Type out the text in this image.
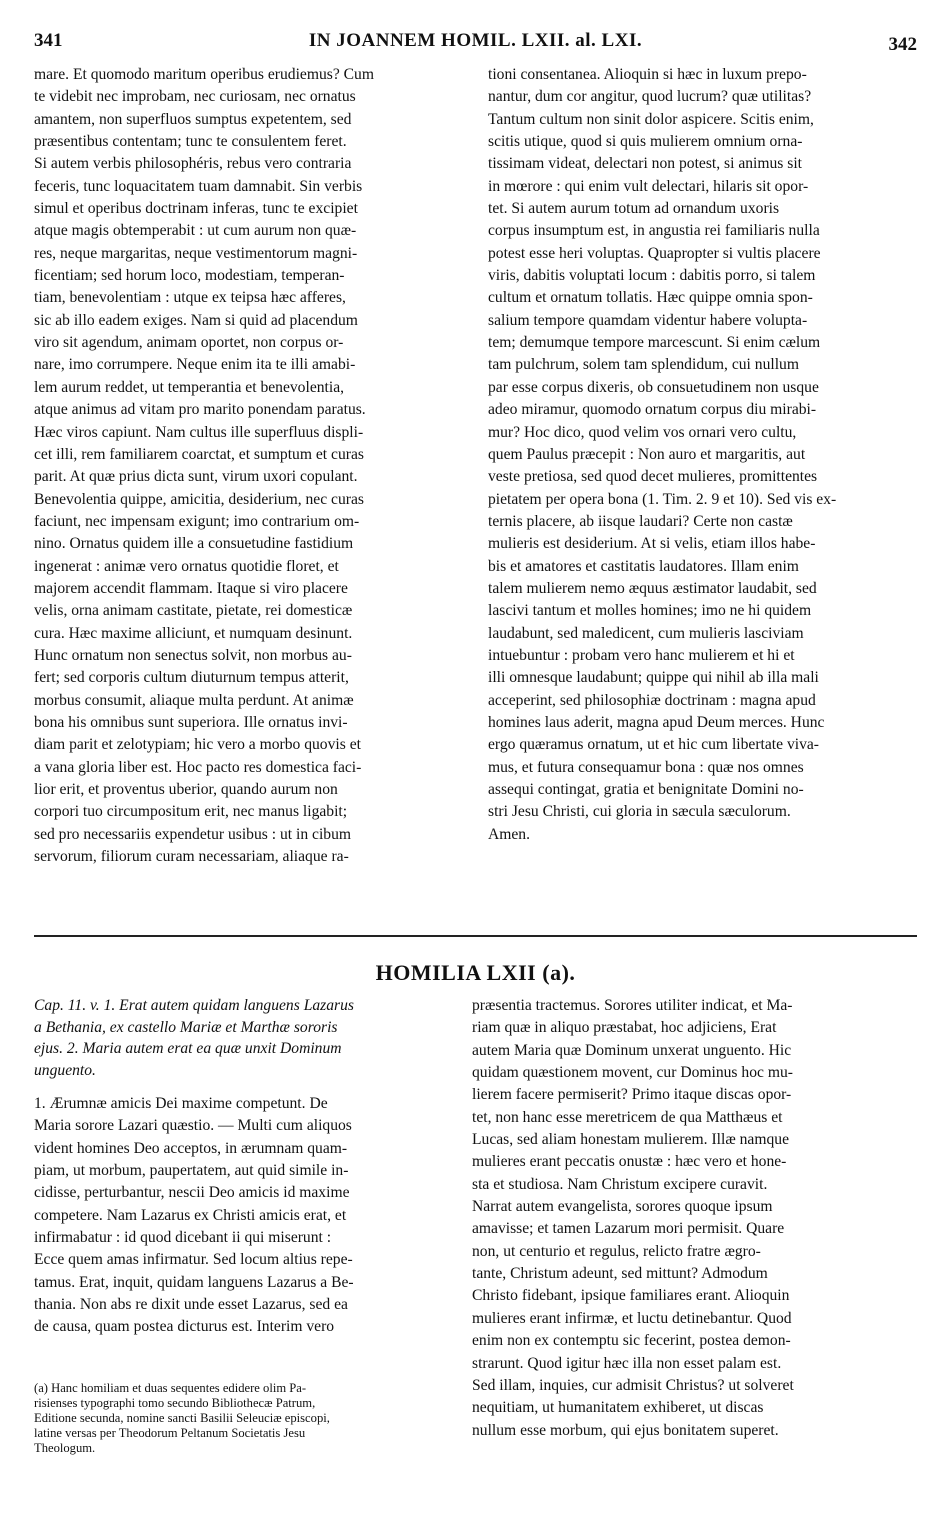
341	IN JOANNEM HOMIL. LXII. al. LXI.	342
mare. Et quomodo maritum operibus erudiemus? Cum
te videbit nec improbam, nec curiosam, nec ornatus
amantem, non superfluos sumptus expetentem, sed
præsentibus contentam; tunc te consulentem feret.
Si autem verbis philosophéris, rebus vero contraria
feceris, tunc loquacitatem tuam damnabit. Sin verbis
simul et operibus doctrinam inferas, tunc te excipiet
atque magis obtemperabit : ut cum aurum non quæ-
res, neque margaritas, neque vestimentorum magni-
ficentiam; sed horum loco, modestiam, temperan-
tiam, benevolentiam : utque ex teipsa hæc afferes,
sic ab illo eadem exiges. Nam si quid ad placendum
viro sit agendum, animam oportet, non corpus or-
nare, imo corrumpere. Neque enim ita te illi amabi-
lem aurum reddet, ut temperantia et benevolentia,
atque animus ad vitam pro marito ponendam paratus.
Hæc viros capiunt. Nam cultus ille superfluus displi-
cet illi, rem familiarem coarctat, et sumptum et curas
parit. At quæ prius dicta sunt, virum uxori copulant.
Benevolentia quippe, amicitia, desiderium, nec curas
faciunt, nec impensam exigunt; imo contrarium om-
nino. Ornatus quidem ille a consuetudine fastidium
ingenerat : animæ vero ornatus quotidie floret, et
majorem accendit flammam. Itaque si viro placere
velis, orna animam castitate, pietate, rei domesticæ
cura. Hæc maxime alliciunt, et numquam desinunt.
Hunc ornatum non senectus solvit, non morbus au-
fert; sed corporis cultum diuturnum tempus atterit,
morbus consumit, aliaque multa perdunt. At animæ
bona his omnibus sunt superiora. Ille ornatus invi-
diam parit et zelotypiam; hic vero a morbo quovis et
a vana gloria liber est. Hoc pacto res domestica faci-
lior erit, et proventus uberior, quando aurum non
corpori tuo circumpositum erit, nec manus ligabit;
sed pro necessariis expendetur usibus : ut in cibum
servorum, filiorum curam necessariam, aliaque ra-
tioni consentanea. Alioquin si hæc in luxum prepo-
nantur, dum cor angitur, quod lucrum? quæ utilitas?
Tantum cultum non sinit dolor aspicere. Scitis enim,
scitis utique, quod si quis mulierem omnium orna-
tissimam videat, delectari non potest, si animus sit
in mœrore : qui enim vult delectari, hilaris sit opor-
tet. Si autem aurum totum ad ornandum uxoris
corpus insumptum est, in angustia rei familiaris nulla
potest esse heri voluptas. Quapropter si vultis placere
viris, dabitis voluptati locum : dabitis porro, si talem
cultum et ornatum tollatis. Hæc quippe omnia spon-
salium tempore quamdam videntur habere volupta-
tem; demumque tempore marcescunt. Si enim cælum
tam pulchrum, solem tam splendidum, cui nullum
par esse corpus dixeris, ob consuetudinem non usque
adeo miramur, quomodo ornatum corpus diu mirabi-
mur? Hoc dico, quod velim vos ornari vero cultu,
quem Paulus præcepit : Non auro et margaritis, aut
veste pretiosa, sed quod decet mulieres, promittentes
pietatem per opera bona (1. Tim. 2. 9 et 10). Sed vis ex-
ternis placere, ab iisque laudari? Certe non castæ
mulieris est desiderium. At si velis, etiam illos habe-
bis et amatores et castitatis laudatores. Illam enim
talem mulierem nemo æquus æstimator laudabit, sed
lascivi tantum et molles homines; imo ne hi quidem
laudabunt, sed maledicent, cum mulieris lasciviam
intuebuntur : probam vero hanc mulierem et hi et
illi omnesque laudabunt; quippe qui nihil ab illa mali
acceperint, sed philosophiæ doctrinam : magna apud
homines laus aderit, magna apud Deum merces. Hunc
ergo quæramus ornatum, ut et hic cum libertate viva-
mus, et futura consequamur bona : quæ nos omnes
assequi contingat, gratia et benignitate Domini no-
stri Jesu Christi, cui gloria in sæcula sæculorum.
Amen.
HOMILIA LXII (a).
Cap. 11. v. 1. Erat autem quidam languens Lazarus
a Bethania, ex castello Mariæ et Marthæ sororis
ejus. 2. Maria autem erat ea quæ unxit Dominum
unguento.
1. Ærumnæ amicis Dei maxime competunt. De
Maria sorore Lazari quæstio. — Multi cum aliquos
vident homines Deo acceptos, in ærumnam quam-
piam, ut morbum, paupertatem, aut quid simile in-
cidisse, perturbantur, nescii Deo amicis id maxime
competere. Nam Lazarus ex Christi amicis erat, et
infirmabatur : id quod dicebant ii qui miserunt :
Ecce quem amas infirmatur. Sed locum altius repe-
tamus. Erat, inquit, quidam languens Lazarus a Be-
thania. Non abs re dixit unde esset Lazarus, sed ea
de causa, quam postea dicturus est. Interim vero
præsentia tractemus. Sorores utiliter indicat, et Ma-
riam quæ in aliquo præstabat, hoc adjiciens, Erat
autem Maria quæ Dominum unxerat unguento. Hic
quidam quæstionem movent, cur Dominus hoc mu-
lierem facere permiserit? Primo itaque discas opor-
tet, non hanc esse meretricem de qua Matthæus et
Lucas, sed aliam honestam mulierem. Illæ namque
mulieres erant peccatis onustæ : hæc vero et hone-
sta et studiosa. Nam Christum excipere curavit.
Narrat autem evangelista, sorores quoque ipsum
amavisse; et tamen Lazarum mori permisit. Quare
non, ut centurio et regulus, relicto fratre ægro-
tante, Christum adeunt, sed mittunt? Admodum
Christo fidebant, ipsique familiares erant. Alioquin
mulieres erant infirmæ, et luctu detinebantur. Quod
enim non ex contemptu sic fecerint, postea demon-
strarunt. Quod igitur hæc illa non esset palam est.
Sed illam, inquies, cur admisit Christus? ut solveret
nequitiam, ut humanitatem exhiberet, ut discas
nullum esse morbum, qui ejus bonitatem superet.
(a) Hanc homiliam et duas sequentes edidere olim Pa-
risienses typographi tomo secundo Bibliothecæ Patrum,
Editione secunda, nomine sancti Basilii Seleuciæ episcopi,
latine versas per Theodorum Peltanum Societatis Jesu
Theologum.
